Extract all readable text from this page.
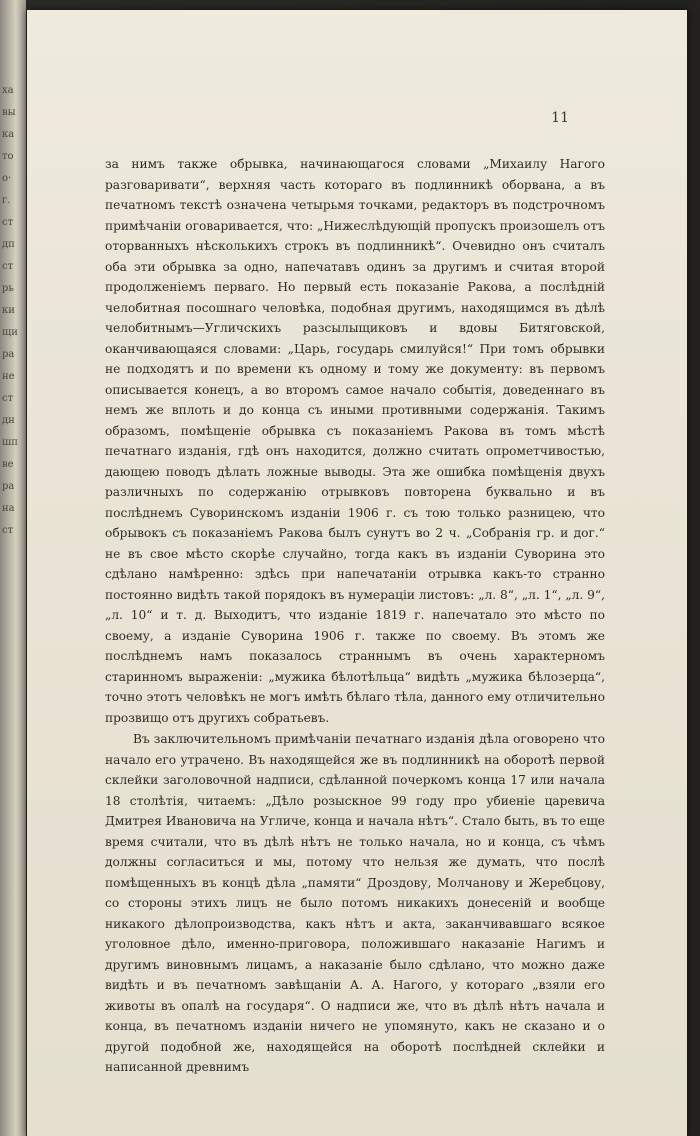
ха
вы
ка
то
о·
г.
ст
дп
ст
рь
ки
щи
ра
не
ст
дн
шп
ве
ра
на
ст
11

за нимъ также обрывка, начинающагося словами „Михаилу Нагого разговаривати“, верхняя часть котораго въ подлинникѣ оборвана, а въ печатномъ текстѣ означена четырьмя точками, редакторъ въ подстрочномъ примѣчаніи оговаривается, что: „Нижеслѣдующій пропускъ произошелъ отъ оторванныхъ нѣсколькихъ строкъ въ подлинникѣ“. Очевидно онъ считалъ оба эти обрывка за одно, напечатавъ одинъ за другимъ и считая второй продолженіемъ перваго. Но первый есть показаніе Ракова, а послѣдній челобитная посошнаго человѣка, подобная другимъ, находящимся въ дѣлѣ челобитнымъ—Угличскихъ разсылыщиковъ и вдовы Битяговской, оканчивающаяся словами: „Царь, государь смилуйся!“ При томъ обрывки не подходятъ и по времени къ одному и тому же документу: въ первомъ описывается конецъ, а во второмъ самое начало событія, доведеннаго въ немъ же вплоть и до конца съ иными противными содержанія. Такимъ образомъ, помѣщеніе обрывка съ показаніемъ Ракова въ томъ мѣстѣ печатнаго изданія, гдѣ онъ находится, должно считать опрометчивостью, дающею поводъ дѣлать ложные выводы. Эта же ошибка помѣщенія двухъ различныхъ по содержанію отрывковъ повторена буквально и въ послѣднемъ Суворинскомъ изданіи 1906 г. съ тою только разницею, что обрывокъ съ показаніемъ Ракова былъ сунутъ во 2 ч. „Собранія гр. и дог.“ не въ свое мѣсто скорѣе случайно, тогда какъ въ изданіи Суворина это сдѣлано намѣренно: здѣсь при напечатаніи отрывка какъ-то странно постоянно видѣть такой порядокъ въ нумераціи листовъ: „л. 8“, „л. 1“, „л. 9“, „л. 10“ и т. д. Выходитъ, что изданіе 1819 г. напечатало это мѣсто по своему, а изданіе Суворина 1906 г. также по своему. Въ этомъ же послѣднемъ намъ показалось страннымъ въ очень характерномъ старинномъ выраженіи: „мужика бѣлотѣльца“ видѣть „мужика бѣлозерца“, точно этотъ человѣкъ не могъ имѣть бѣлаго тѣла, данного ему отличительно прозвищо отъ другихъ собратьевъ.

Въ заключительномъ примѣчаніи печатнаго изданія дѣла оговорено что начало его утрачено. Въ находящейся же въ подлинникѣ на оборотѣ первой склейки заголовочной надписи, сдѣланной почеркомъ конца 17 или начала 18 столѣтія, читаемъ: „Дѣло розыскное 99 году про убиеніе царевича Дмитрея Ивановича на Угличе, конца и начала нѣтъ“. Стало быть, въ то еще время считали, что въ дѣлѣ нѣтъ не только начала, но и конца, съ чѣмъ должны согласиться и мы, потому что нельзя же думать, что послѣ помѣщенныхъ въ концѣ дѣла „памяти“ Дроздову, Молчанову и Жеребцову, со стороны этихъ лицъ не было потомъ никакихъ донесеній и вообще никакого дѣлопроизводства, какъ нѣтъ и акта, заканчивавшаго всякое уголовное дѣло, именно-приговора, положившаго наказаніе Нагимъ и другимъ виновнымъ лицамъ, а наказаніе было сдѣлано, что можно даже видѣть и въ печатномъ завѣщаніи А. А. Нагого, у котораго „взяли его животы въ опалѣ на государя“. О надписи же, что въ дѣлѣ нѣтъ начала и конца, въ печатномъ изданіи ничего не упомянуто, какъ не сказано и о другой подобной же, находящейся на оборотѣ послѣдней склейки и написанной древнимъ
